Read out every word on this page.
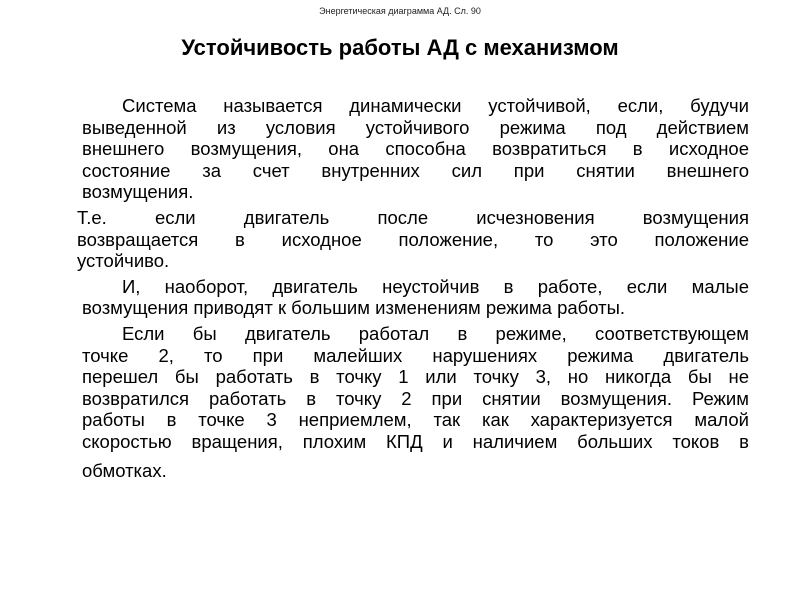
Энергетическая диаграмма АД. Сл. 90
Устойчивость работы АД с механизмом
Система называется динамически устойчивой, если, будучи
выведенной из условия устойчивого режима под действием
внешнего возмущения, она способна возвратиться в исходное
состояние за счет внутренних сил при снятии внешнего
возмущения.
Т.е. если двигатель после исчезновения возмущения
возвращается в исходное положение, то это положение
устойчиво.
И, наоборот, двигатель неустойчив в работе, если малые
возмущения приводят к большим изменениям режима работы.
Если бы двигатель работал в режиме, соответствующем
точке 2, то при малейших нарушениях режима двигатель
перешел бы работать в точку 1 или точку 3, но никогда бы не
возвратился работать в точку 2 при снятии возмущения. Режим
работы в точке 3 неприемлем, так как характеризуется малой
скоростью вращения, плохим КПД и наличием больших токов в
обмотках.
